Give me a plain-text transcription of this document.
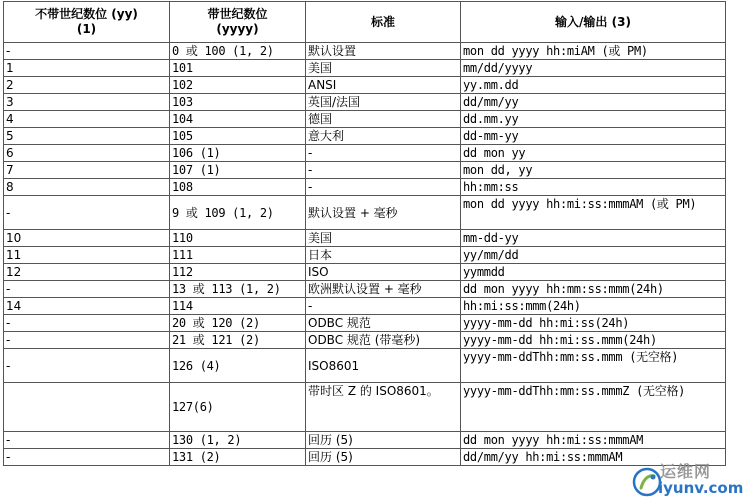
不带世纪数位 (yy)
(1)	带世纪数位
(yyyy)	标准	输入/输出 (3)
-	0 或 100 (1, 2)	默认设置	mon dd yyyy hh:miAM (或 PM)
1	101	美国	mm/dd/yyyy
2	102	ANSI	yy.mm.dd
3	103	英国/法国	dd/mm/yy
4	104	德国	dd.mm.yy
5	105	意大利	dd-mm-yy
6	106 (1)	-	dd mon yy
7	107 (1)	-	mon dd, yy
8	108	-	hh:mm:ss
-	9 或 109 (1, 2)	默认设置 + 毫秒	mon dd yyyy hh:mi:ss:mmmAM (或 PM)
10	110	美国	mm-dd-yy
11	111	日本	yy/mm/dd
12	112	ISO	yymmdd
-	13 或 113 (1, 2)	欧洲默认设置 + 毫秒	dd mon yyyy hh:mm:ss:mmm(24h)
14	114	-	hh:mi:ss:mmm(24h)
-	20 或 120 (2)	ODBC 规范	yyyy-mm-dd hh:mi:ss(24h)
-	21 或 121 (2)	ODBC 规范 (带毫秒)	yyyy-mm-dd hh:mi:ss.mmm(24h)
-	126 (4)	ISO8601	yyyy-mm-ddThh:mm:ss.mmm (无空格)
	127(6)	带时区 Z 的 ISO8601。	yyyy-mm-ddThh:mm:ss.mmmZ (无空格)
-	130 (1, 2)	回历 (5)	dd mon yyyy hh:mi:ss:mmmAM
-	131 (2)	回历 (5)	dd/mm/yy hh:mi:ss:mmmAM
运维网
iyunv.com
